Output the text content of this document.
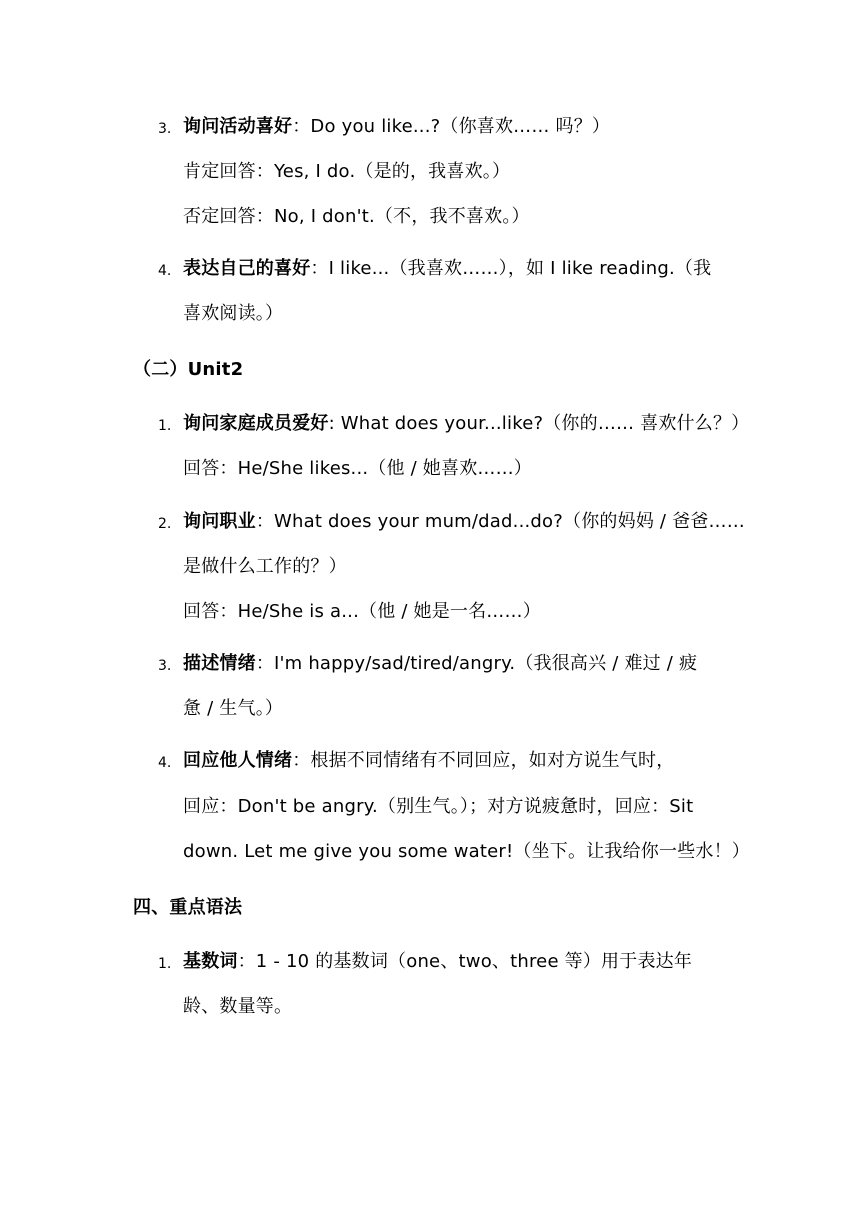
3. 询问活动喜好：Do you like...?（你喜欢…… 吗？）
肯定回答：Yes, I do.（是的，我喜欢。）
否定回答：No, I don't.（不，我不喜欢。）
4. 表达自己的喜好：I like...（我喜欢……），如 I like reading.（我
喜欢阅读。）
（二）Unit2
1. 询问家庭成员爱好: What does your...like?（你的…… 喜欢什么？）
回答：He/She likes...（他 / 她喜欢……）
2. 询问职业：What does your mum/dad...do?（你的妈妈 / 爸爸……
是做什么工作的？）
回答：He/She is a...（他 / 她是一名……）
3. 描述情绪：I'm happy/sad/tired/angry.（我很高兴 / 难过 / 疲
惫 / 生气。）
4. 回应他人情绪：根据不同情绪有不同回应，如对方说生气时，
回应：Don't be angry.（别生气。）；对方说疲惫时，回应：Sit
down. Let me give you some water!（坐下。让我给你一些水！）
四、重点语法
1. 基数词：1 - 10 的基数词（one、two、three 等）用于表达年
龄、数量等。
